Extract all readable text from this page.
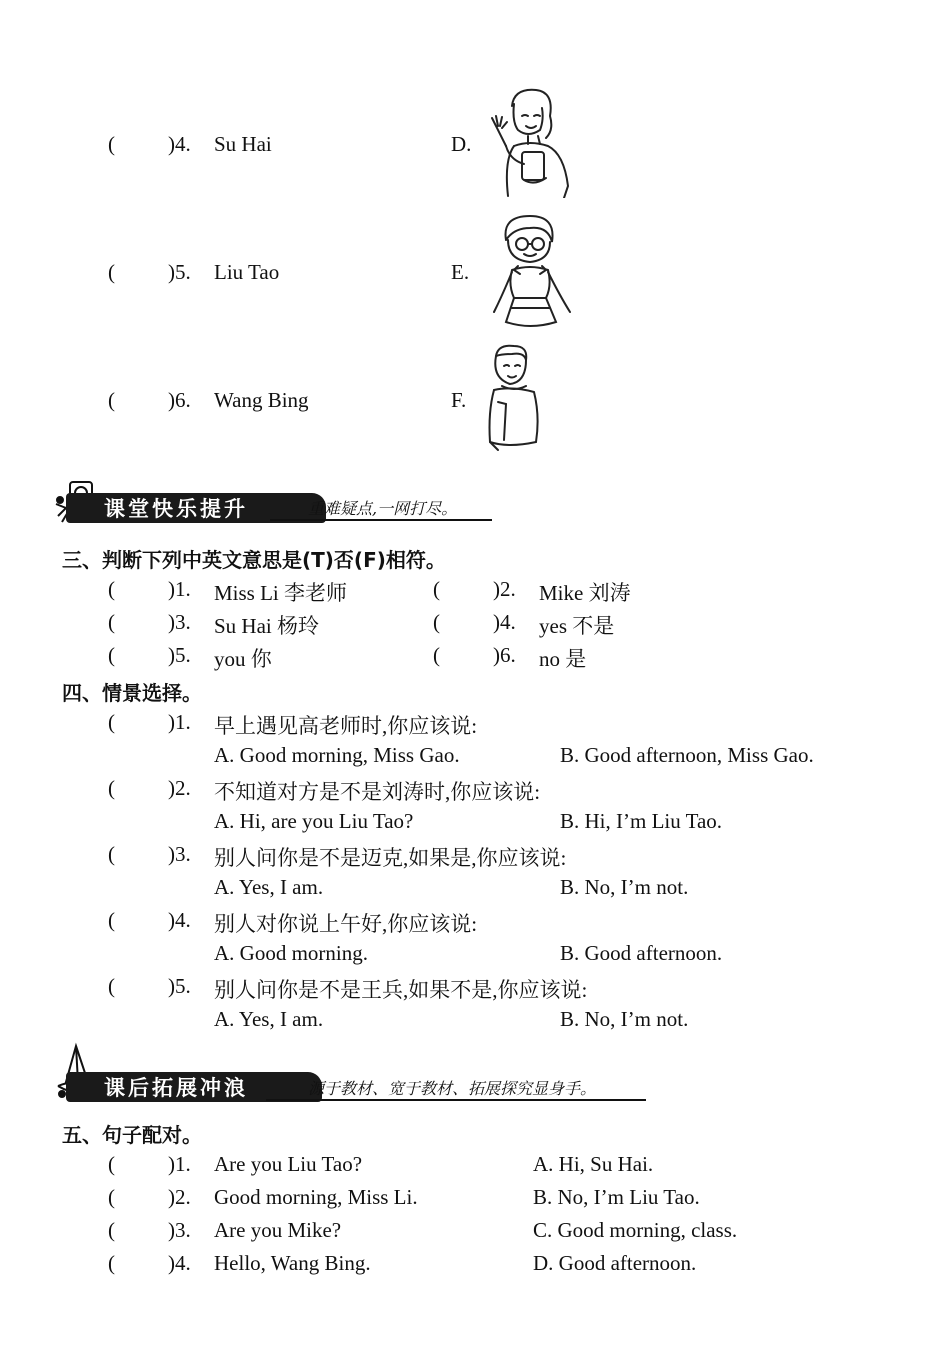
(	)4. Su Hai	D.
(	)5. Liu Tao	E.
(	)6. Wang Bing	F.
课堂快乐提升	重难疑点,一网打尽。
三、判断下列中英文意思是(T)否(F)相符。
(	)1. Miss Li 李老师	(	)2. Mike 刘涛
(	)3. Su Hai 杨玲	(	)4. yes 不是
(	)5. you 你	(	)6. no 是
四、情景选择。
(	)1. 早上遇见高老师时,你应该说:
A. Good morning, Miss Gao.	B. Good afternoon, Miss Gao.
(	)2. 不知道对方是不是刘涛时,你应该说:
A. Hi, are you Liu Tao?	B. Hi, I’m Liu Tao.
(	)3. 别人问你是不是迈克,如果是,你应该说:
A. Yes, I am.	B. No, I’m not.
(	)4. 别人对你说上午好,你应该说:
A. Good morning.	B. Good afternoon.
(	)5. 别人问你是不是王兵,如果不是,你应该说:
A. Yes, I am.	B. No, I’m not.
课后拓展冲浪	源于教材、宽于教材、拓展探究显身手。
五、句子配对。
(	)1. Are you Liu Tao?	A. Hi, Su Hai.
(	)2. Good morning, Miss Li.	B. No, I’m Liu Tao.
(	)3. Are you Mike?	C. Good morning, class.
(	)4. Hello, Wang Bing.	D. Good afternoon.
